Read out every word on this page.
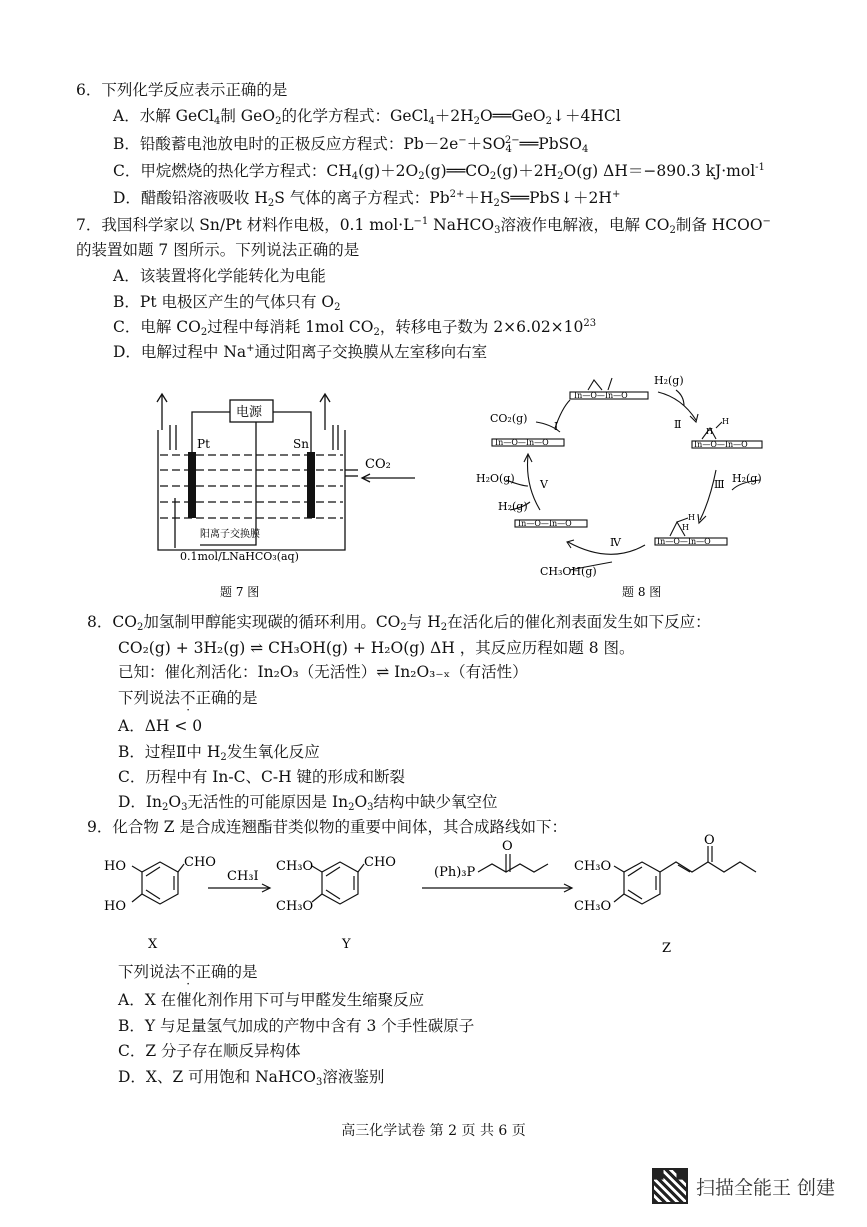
6．下列化学反应表示正确的是
A．水解 GeCl$_4$制 GeO$_2$的化学方程式：$GeCl_4+2H_2O══GeO_2↓+4HCl$
B．铅酸蓄电池放电时的正极反应方程式：$Pb-2e^-+SO_4^{2-}══PbSO_4$
C．甲烷燃烧的热化学方程式：$CH_4(g)+2O_2(g)══CO_2(g)+2H_2O(g)$ ΔH＝−890.3 kJ·mol$^{-1}$
D．醋酸铅溶液吸收 $H_2S$ 气体的离子方程式：$Pb^{2+}+H_2S══PbS↓+2H^+$
7．我国科学家以 Sn/Pt 材料作电极，0.1 $mol\cdot L^{-1}$ NaHCO$_3$溶液作电解液，电解 $CO_2$制备 HCOO−
的装置如题 7 图所示。下列说法正确的是
A．该装置将化学能转化为电能
B．Pt 电极区产生的气体只有 $O_2$
C．电解 $CO_2$过程中每消耗 1mol $CO_2$，转移电子数为 $2\times 6.02\times 10^{23}$
D．电解过程中 Na+通过阳离子交换膜从左室移向右室
电源
Pt	Sn
CO₂
阳离子交换膜
0.1mol/LNaHCO₃(aq)
题 7 图
In—O—In—O
In—O—In—O
In—O—In—O
In—O—In—O
In—O—In—O
H
H
H
H
H₂(g)
CO₂(g)
H₂(g)
H₂O(g)
H₂(g)
CH₃OH(g)
Ⅰ	Ⅱ
Ⅲ
Ⅳ
Ⅴ
题 8 图
8．$CO_2$加氢制甲醇能实现碳的循环利用。$CO_2$与 $H_2$在活化后的催化剂表面发生如下反应：
CO₂(g) + 3H₂(g) ⇌ CH₃OH(g) + H₂O(g) ΔH ，其反应历程如题 8 图。
已知：催化剂活化：In₂O₃（无活性）⇌ In₂O₃₋ₓ（有活性）
下列说法不正确的是
A．ΔH < 0
B．过程Ⅱ中 $H_2$发生氧化反应
C．历程中有 In-C、C-H 键的形成和断裂
D．$In_2O_3$无活性的可能原因是 $In_2O_3$结构中缺少氧空位
9．化合物 Z 是合成连翘酯苷类似物的重要中间体，其合成路线如下：
HO
HO
CHO
CH₃I
CH₃O
CH₃O
CHO
(Ph)₃P
O
CH₃O
CH₃O
O
X	Y	Z
下列说法不正确的是
A．X 在催化剂作用下可与甲醛发生缩聚反应
B．Y 与足量氢气加成的产物中含有 3 个手性碳原子
C．Z 分子存在顺反异构体
D．X、Z 可用饱和 NaHCO$_3$溶液鉴别
高三化学试卷 第 2 页 共 6 页
扫描全能王 创建
